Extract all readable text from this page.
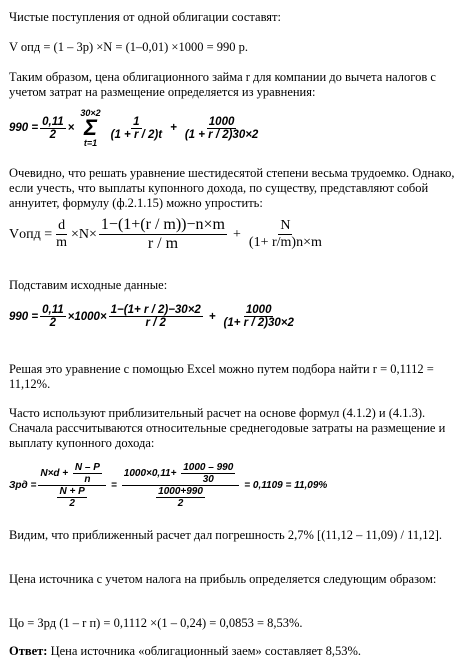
Чистые поступления от одной облигации составят:
V опд = (1 – 3р) ×N = (1–0,01) ×1000 = 990 р.
Таким образом, цена облигационного займа r для компании до вычета налогов с учетом затрат на размещение определяется из уравнения:
$990 = \frac{0,11}{2}$ ×
30×2
Σ
t=1
$\frac{1}{(1 + r / 2)t} + \frac{1000}{(1 + r / 2)30\times 2}$
Очевидно, что решать уравнение шестидесятой степени весьма трудоемко. Однако, если учесть, что выплаты купонного дохода, по существу, представляют собой аннуитет, формулу (ф.2.1.15) можно упростить:
Vопд = $\frac{d}{m} \times N\times \frac{1-(1+(r / m))-n\times m}{r / m} + \frac{N}{(1+ r/m)n\times m}$
Подставим исходные данные:
$990 = \frac{0,11}{2} \times 1000\times \frac{1-(1+ r / 2)-30\times 2}{r / 2} + \frac{1000}{(1+ r / 2)30\times 2}$
Решая это уравнение с помощью Excel можно путем подбора найти r = 0,1112 = 11,12%.
Часто используют приблизительный расчет на основе формул (4.1.2) и (4.1.3). Сначала рассчитываются относительные среднегодовые затраты на размещение и выплату купонного дохода:
Зрд = $\frac{N\times d + \frac{N - P}{n}}{\frac{N + P}{2}} = \frac{1000\times 0,11+ \frac{1000 - 990}{30}}{\frac{1000+990}{2}} = 0,1109 = 11,09\%$
Видим, что приближенный расчет дал погрешность 2,7% [(11,12 – 11,09) / 11,12].
Цена источника с учетом налога на прибыль определяется следующим образом:
Цо = Зрд (1 – r п) = 0,1112 ×(1 – 0,24) = 0,0853 = 8,53%.
Ответ: Цена источника «облигационный заем» составляет 8,53%.
